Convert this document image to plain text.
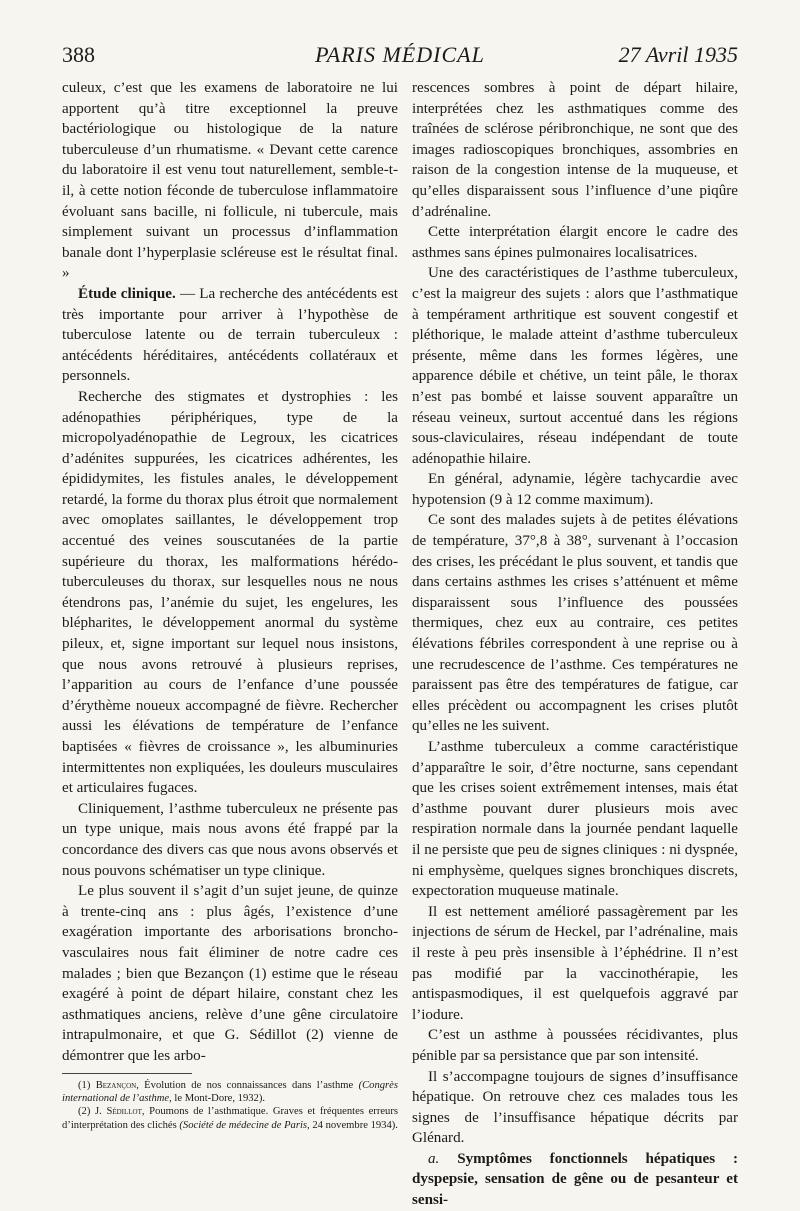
388	PARIS MÉDICAL	27 Avril 1935

culeux, c’est que les examens de laboratoire ne lui apportent qu’à titre exceptionnel la preuve bactériologique ou histologique de la nature tuberculeuse d’un rhumatisme. « Devant cette carence du laboratoire il est venu tout naturellement, semble-t-il, à cette notion féconde de tuberculose inflammatoire évoluant sans bacille, ni follicule, ni tubercule, mais simplement suivant un processus d’inflammation banale dont l’hyperplasie scléreuse est le résultat final. »

Étude clinique. — La recherche des antécédents est très importante pour arriver à l’hypothèse de tuberculose latente ou de terrain tuberculeux : antécédents héréditaires, antécédents collatéraux et personnels.

Recherche des stigmates et dystrophies : les adénopathies périphériques, type de la micropolyadénopathie de Legroux, les cicatrices d’adénites suppurées, les cicatrices adhérentes, les épididymites, les fistules anales, le développement retardé, la forme du thorax plus étroit que normalement avec omoplates saillantes, le développement trop accentué des veines souscutanées de la partie supérieure du thorax, les malformations hérédo-tuberculeuses du thorax, sur lesquelles nous ne nous étendrons pas, l’anémie du sujet, les engelures, les blépharites, le développement anormal du système pileux, et, signe important sur lequel nous insistons, que nous avons retrouvé à plusieurs reprises, l’apparition au cours de l’enfance d’une poussée d’érythème noueux accompagné de fièvre. Rechercher aussi les élévations de température de l’enfance baptisées « fièvres de croissance », les albuminuries intermittentes non expliquées, les douleurs musculaires et articulaires fugaces.

Cliniquement, l’asthme tuberculeux ne présente pas un type unique, mais nous avons été frappé par la concordance des divers cas que nous avons observés et nous pouvons schématiser un type clinique.

Le plus souvent il s’agit d’un sujet jeune, de quinze à trente-cinq ans : plus âgés, l’existence d’une exagération importante des arborisations broncho-vasculaires nous fait éliminer de notre cadre ces malades ; bien que Bezançon (1) estime que le réseau exagéré à point de départ hilaire, constant chez les asthmatiques anciens, relève d’une gêne circulatoire intrapulmonaire, et que G. Sédillot (2) vienne de démontrer que les arbo-

(1) Bezançon, Évolution de nos connaissances dans l’asthme (Congrès international de l’asthme, le Mont-Dore, 1932).

(2) J. Sédillot, Poumons de l’asthmatique. Graves et fréquentes erreurs d’interprétation des clichés (Société de médecine de Paris, 24 novembre 1934).

rescences sombres à point de départ hilaire, interprétées chez les asthmatiques comme des traînées de sclérose péribronchique, ne sont que des images radioscopiques bronchiques, assombries en raison de la congestion intense de la muqueuse, et qu’elles disparaissent sous l’influence d’une piqûre d’adrénaline.

Cette interprétation élargit encore le cadre des asthmes sans épines pulmonaires localisatrices.

Une des caractéristiques de l’asthme tuberculeux, c’est la maigreur des sujets : alors que l’asthmatique à tempérament arthritique est souvent congestif et pléthorique, le malade atteint d’asthme tuberculeux présente, même dans les formes légères, une apparence débile et chétive, un teint pâle, le thorax n’est pas bombé et laisse souvent apparaître un réseau veineux, surtout accentué dans les régions sous-claviculaires, réseau indépendant de toute adénopathie hilaire.

En général, adynamie, légère tachycardie avec hypotension (9 à 12 comme maximum).

Ce sont des malades sujets à de petites élévations de température, 37°,8 à 38°, survenant à l’occasion des crises, les précédant le plus souvent, et tandis que dans certains asthmes les crises s’atténuent et même disparaissent sous l’influence des poussées thermiques, chez eux au contraire, ces petites élévations fébriles correspondent à une reprise ou à une recrudescence de l’asthme. Ces températures ne paraissent pas être des températures de fatigue, car elles précèdent ou accompagnent les crises plutôt qu’elles ne les suivent.

L’asthme tuberculeux a comme caractéristique d’apparaître le soir, d’être nocturne, sans cependant que les crises soient extrêmement intenses, mais état d’asthme pouvant durer plusieurs mois avec respiration normale dans la journée pendant laquelle il ne persiste que peu de signes cliniques : ni dyspnée, ni emphysème, quelques signes bronchiques discrets, expectoration muqueuse matinale.

Il est nettement amélioré passagèrement par les injections de sérum de Heckel, par l’adrénaline, mais il reste à peu près insensible à l’éphédrine. Il n’est pas modifié par la vaccinothérapie, les antispasmodiques, il est quelquefois aggravé par l’iodure.

C’est un asthme à poussées récidivantes, plus pénible par sa persistance que par son intensité.

Il s’accompagne toujours de signes d’insuffisance hépatique. On retrouve chez ces malades tous les signes de l’insuffisance hépatique décrits par Glénard.

a. Symptômes fonctionnels hépatiques : dyspepsie, sensation de gêne ou de pesanteur et sensi-
